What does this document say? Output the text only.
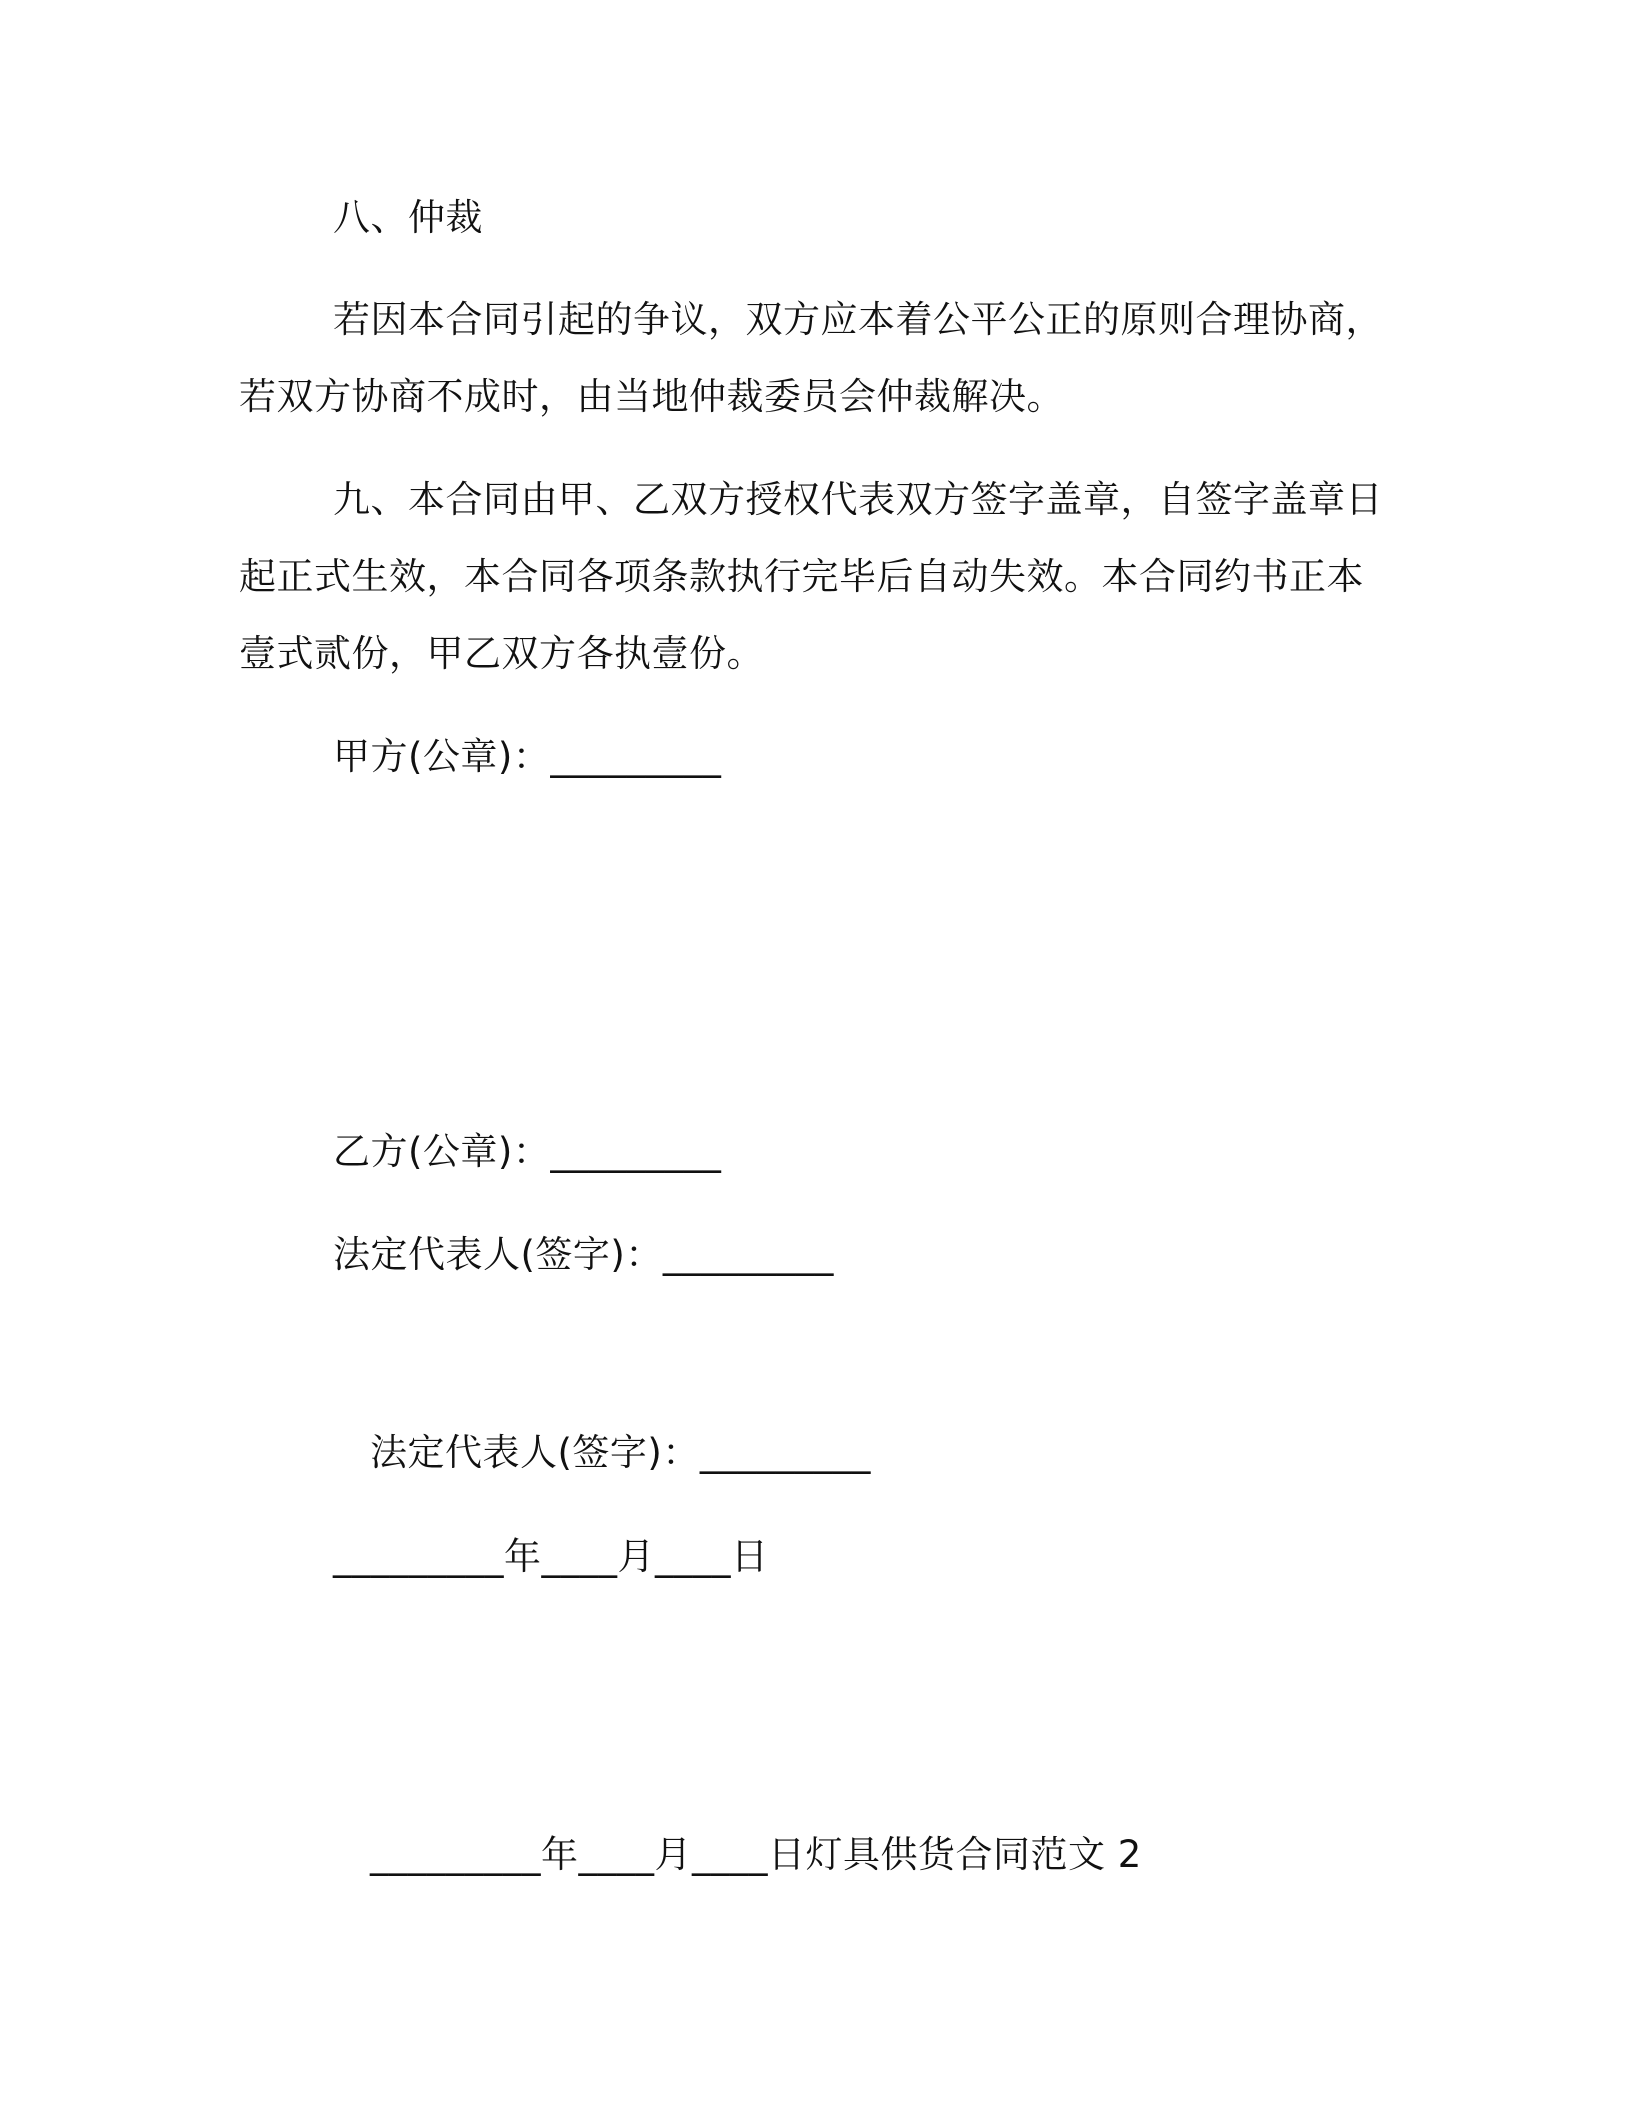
八、仲裁
若因本合同引起的争议，双方应本着公平公正的原则合理协商，
若双方协商不成时，由当地仲裁委员会仲裁解决。
九、本合同由甲、乙双方授权代表双方签字盖章，自签字盖章日
起正式生效，本合同各项条款执行完毕后自动失效。本合同约书正本
壹式贰份，甲乙双方各执壹份。
甲方(公章)：_________
乙方(公章)：_________
法定代表人(签字)：_________
法定代表人(签字)：_________
_________年____月____日
_________年____月____日灯具供货合同范文 2
